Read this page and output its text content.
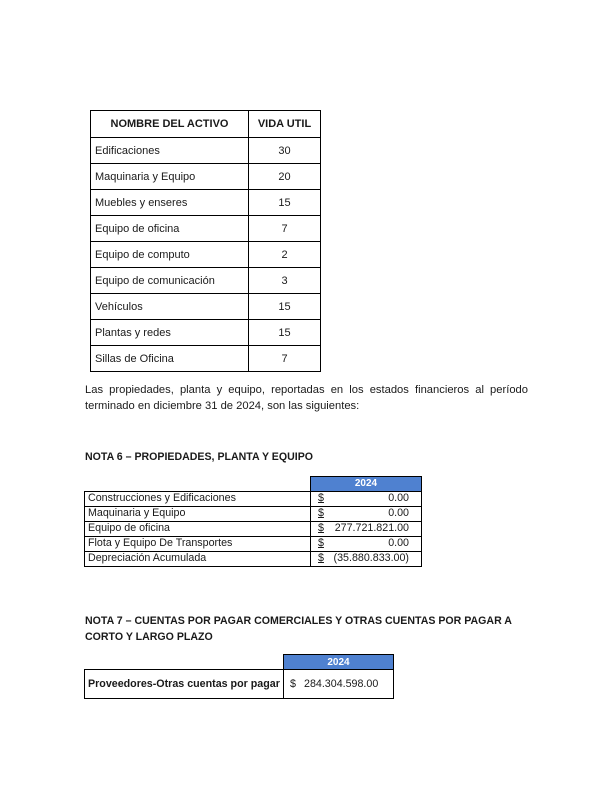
NOMBRE DEL ACTIVO	VIDA UTIL
Edificaciones	30
Maquinaria y Equipo	20
Muebles y enseres	15
Equipo de oficina	7
Equipo de computo	2
Equipo de comunicación	3
Vehículos	15
Plantas y redes	15
Sillas de Oficina	7
Las propiedades, planta y equipo, reportadas en los estados financieros al período terminado en diciembre 31 de 2024, son las siguientes:
NOTA 6 – PROPIEDADES, PLANTA Y EQUIPO
	2024	
Construcciones y Edificaciones	$	0.00
Maquinaria y Equipo	$	0.00
Equipo de oficina	$	277.721.821.00
Flota y Equipo De Transportes	$	0.00
Depreciación Acumulada	$	(35.880.833.00)
NOTA 7 – CUENTAS POR PAGAR COMERCIALES Y OTRAS CUENTAS POR PAGAR A CORTO Y LARGO PLAZO
	2024	
Proveedores-Otras cuentas por pagar	$	284.304.598.00
